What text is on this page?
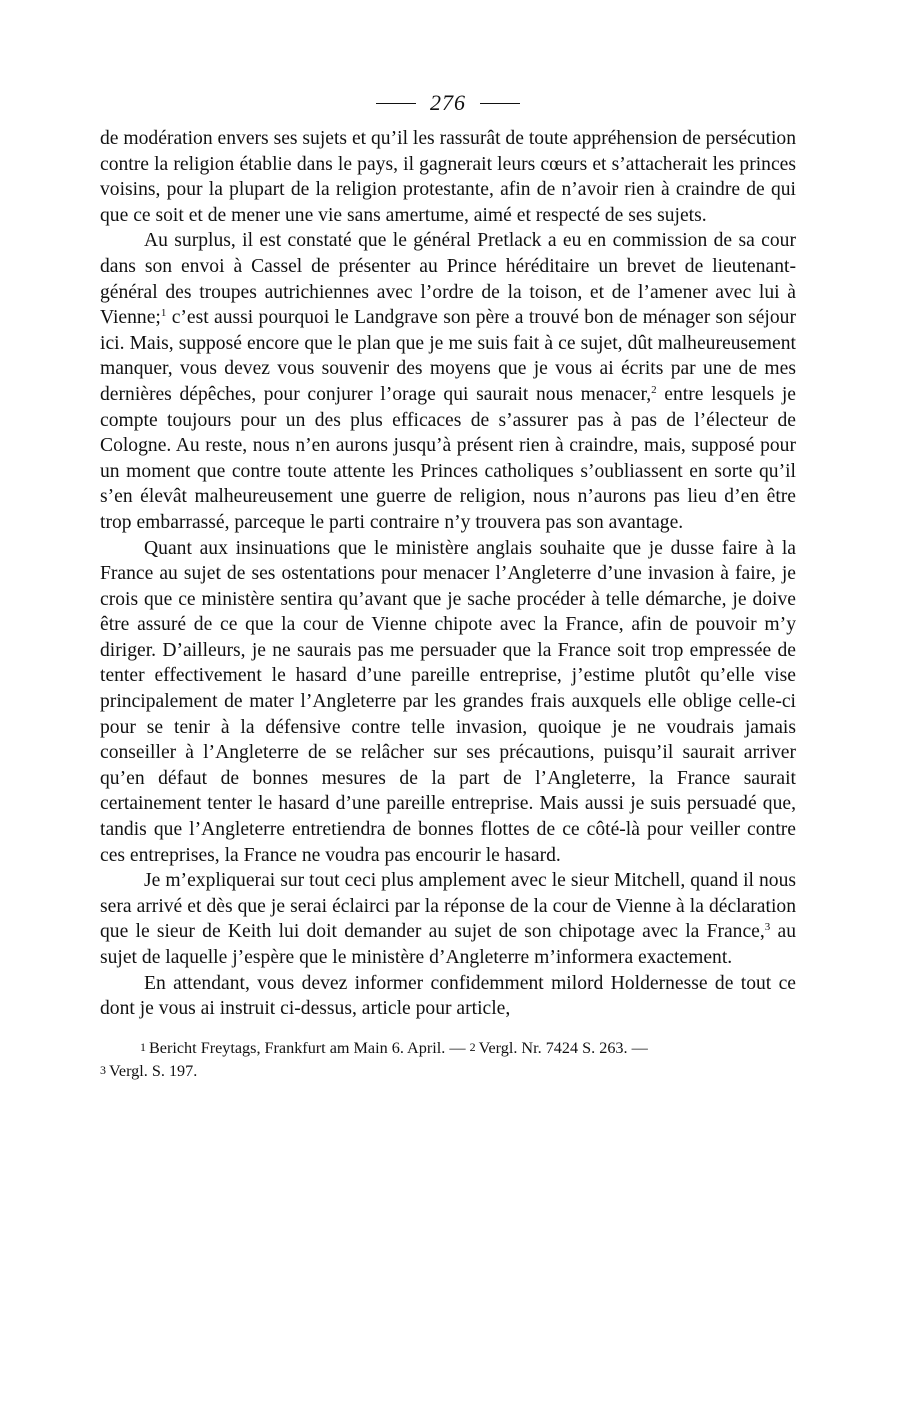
276

de modération envers ses sujets et qu’il les rassurât de toute appréhension de persécution contre la religion établie dans le pays, il gagnerait leurs cœurs et s’attacherait les princes voisins, pour la plupart de la religion protestante, afin de n’avoir rien à craindre de qui que ce soit et de mener une vie sans amertume, aimé et respecté de ses sujets.

Au surplus, il est constaté que le général Pretlack a eu en commission de sa cour dans son envoi à Cassel de présenter au Prince héréditaire un brevet de lieutenant-général des troupes autrichiennes avec l’ordre de la toison, et de l’amener avec lui à Vienne;$^1$ c’est aussi pourquoi le Landgrave son père a trouvé bon de ménager son séjour ici. Mais, supposé encore que le plan que je me suis fait à ce sujet, dût malheureusement manquer, vous devez vous souvenir des moyens que je vous ai écrits par une de mes dernières dépêches, pour conjurer l’orage qui saurait nous menacer,$^2$ entre lesquels je compte toujours pour un des plus efficaces de s’assurer pas à pas de l’électeur de Cologne. Au reste, nous n’en aurons jusqu’à présent rien à craindre, mais, supposé pour un moment que contre toute attente les Princes catholiques s’oubliassent en sorte qu’il s’en élevât malheureusement une guerre de religion, nous n’aurons pas lieu d’en être trop embarrassé, parceque le parti contraire n’y trouvera pas son avantage.

Quant aux insinuations que le ministère anglais souhaite que je dusse faire à la France au sujet de ses ostentations pour menacer l’Angleterre d’une invasion à faire, je crois que ce ministère sentira qu’avant que je sache procéder à telle démarche, je doive être assuré de ce que la cour de Vienne chipote avec la France, afin de pouvoir m’y diriger. D’ailleurs, je ne saurais pas me persuader que la France soit trop empressée de tenter effectivement le hasard d’une pareille entreprise, j’estime plutôt qu’elle vise principalement de mater l’Angleterre par les grandes frais auxquels elle oblige celle-ci pour se tenir à la défensive contre telle invasion, quoique je ne voudrais jamais conseiller à l’Angleterre de se relâcher sur ses précautions, puisqu’il saurait arriver qu’en défaut de bonnes mesures de la part de l’Angleterre, la France saurait certainement tenter le hasard d’une pareille entreprise. Mais aussi je suis persuadé que, tandis que l’Angleterre entretiendra de bonnes flottes de ce côté-là pour veiller contre ces entreprises, la France ne voudra pas encourir le hasard.

Je m’expliquerai sur tout ceci plus amplement avec le sieur Mitchell, quand il nous sera arrivé et dès que je serai éclairci par la réponse de la cour de Vienne à la déclaration que le sieur de Keith lui doit demander au sujet de son chipotage avec la France,$^3$ au sujet de laquelle j’espère que le ministère d’Angleterre m’informera exactement.

En attendant, vous devez informer confidemment milord Holdernesse de tout ce dont je vous ai instruit ci-dessus, article pour article,

1 Bericht Freytags, Frankfurt am Main 6. April. — 2 Vergl. Nr. 7424 S. 263. —
3 Vergl. S. 197.
